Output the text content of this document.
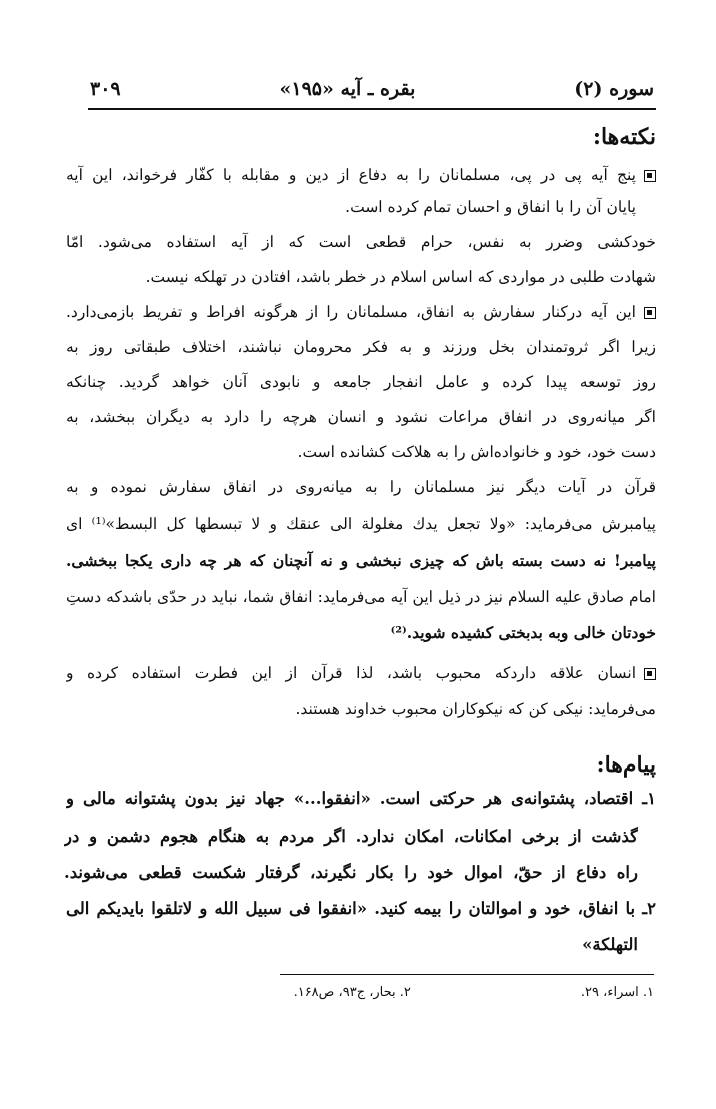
سوره (۲)
بقره ـ آیه «۱۹۵»
۳۰۹
نکته‌ها:
پنج آیه پی در پی، مسلمانان را به دفاع از دین و مقابله با کفّار فرخواند، این آیه
پایان آن را با انفاق و احسان تمام کرده است.
خودکشی وضرر به نفس، حرام قطعی است که از آیه استفاده می‌شود. امّا
شهادت طلبی در مواردی که اساس اسلام در خطر باشد، افتادن در تهلکه نیست.
این آیه درکنار سفارش به انفاق، مسلمانان را از هرگونه افراط و تفریط بازمی‌دارد.
زیرا اگر ثروتمندان بخل ورزند و به فکر محرومان نباشند، اختلاف طبقاتی روز به
روز توسعه پیدا کرده و عامل انفجار جامعه و نابودی آنان خواهد گردید. چنانکه
اگر میانه‌روی در انفاق مراعات نشود و انسان هرچه را دارد به دیگران ببخشد، به
دست خود، خود و خانواده‌اش را به هلاکت کشانده است.
قرآن در آیات دیگر نیز مسلمانان را به میانه‌روی در انفاق سفارش نموده و به
پیامبرش می‌فرماید: «ولا تجعل یدك مغلولة الی عنقك و لا تبسطها کل البسط»⁽¹⁾ ای
پیامبر! نه دست بسته باش که چیزی نبخشی و نه آنچنان که هر چه داری یکجا ببخشی.
امام صادق علیه السلام نیز در ذیل این آیه می‌فرماید: انفاق شما، نباید در حدّی باشدکه دستِ
خودتان خالی وبه بدبختی کشیده شوید.⁽²⁾
انسان علاقه داردکه محبوب باشد، لذا قرآن از این فطرت استفاده کرده و
می‌فرماید: نیکی کن که نیکوکاران محبوب خداوند هستند.
پیام‌ها:
۱ـ اقتصاد، پشتوانه‌ی هر حرکتی است. «انفقوا...» جهاد نیز بدون پشتوانه مالی و
گذشت از برخی امکانات، امکان ندارد. اگر مردم به هنگام هجوم دشمن و در
راه دفاع از حقّ، اموال خود را بکار نگیرند، گرفتار شکست قطعی می‌شوند.
۲ـ با انفاق، خود و اموالتان را بیمه کنید. «انفقوا فی سبیل الله و لاتلقوا بایدیکم الی
التهلکة»
۱. اسراء، ۲۹.
۲. بحار، ج۹۳، ص۱۶۸.
